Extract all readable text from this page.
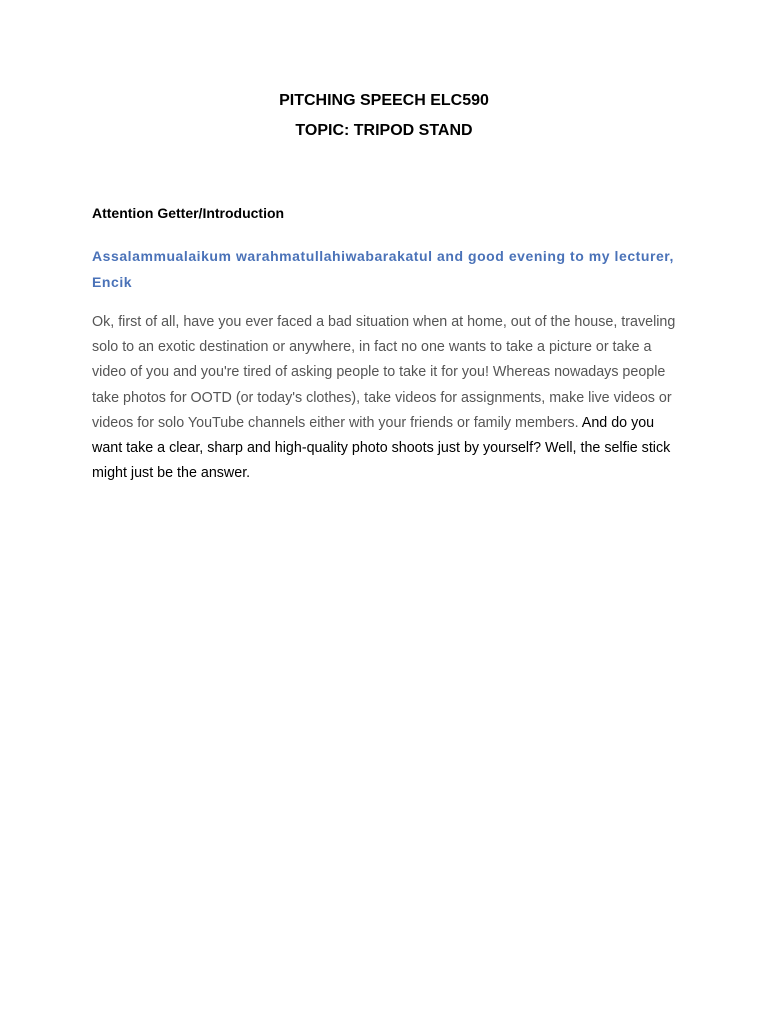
PITCHING SPEECH ELC590

TOPIC: TRIPOD STAND

Attention Getter/Introduction

Assalammualaikum warahmatullahiwabarakatul and good evening to my lecturer, Encik

Ok, first of all, have you ever faced a bad situation when at home, out of the house, traveling solo to an exotic destination or anywhere, in fact no one wants to take a picture or take a video of you and you're tired of asking people to take it for you! Whereas nowadays people take photos for OOTD (or today's clothes), take videos for assignments, make live videos or videos for solo YouTube channels either with your friends or family members. And do you want take a clear, sharp and high-quality photo shoots just by yourself? Well, the selfie stick might just be the answer.
